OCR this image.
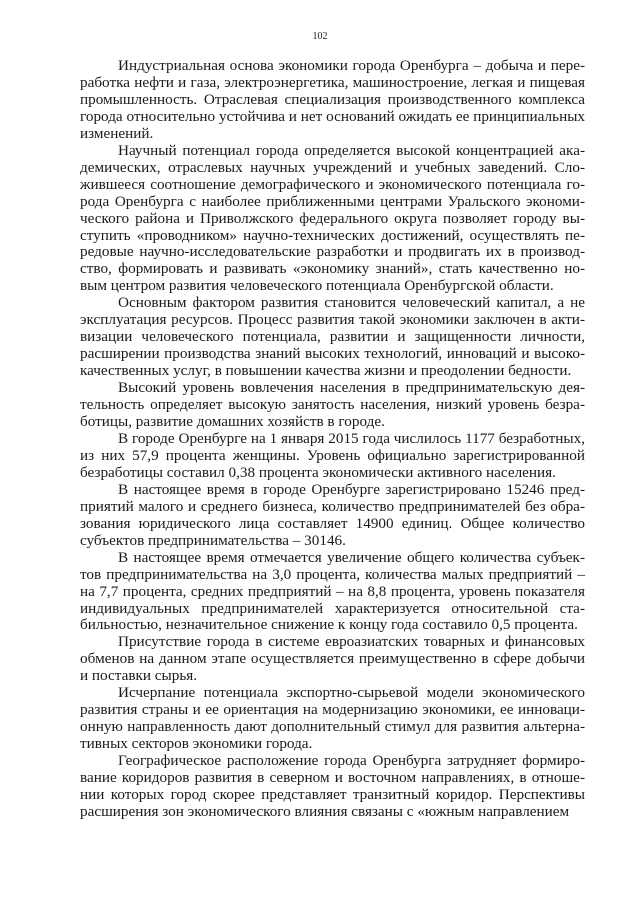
102

Индустриальная основа экономики города Оренбурга – добыча и переработка нефти и газа, электроэнергетика, машиностроение, легкая и пищевая промышленность. Отраслевая специализация производственного комплекса города относительно устойчива и нет оснований ожидать ее принципиальных изменений.

Научный потенциал города определяется высокой концентрацией академических, отраслевых научных учреждений и учебных заведений. Сложившееся соотношение демографического и экономического потенциала города Оренбурга с наиболее приближенными центрами Уральского экономического района и Приволжского федерального округа позволяет городу выступить «проводником» научно-технических достижений, осуществлять передовые научно-исследовательские разработки и продвигать их в производство, формировать и развивать «экономику знаний», стать качественно новым центром развития человеческого потенциала Оренбургской области.

Основным фактором развития становится человеческий капитал, а не эксплуатация ресурсов. Процесс развития такой экономики заключен в активизации человеческого потенциала, развитии и защищенности личности, расширении производства знаний высоких технологий, инноваций и высококачественных услуг, в повышении качества жизни и преодолении бедности.

Высокий уровень вовлечения населения в предпринимательскую деятельность определяет высокую занятость населения, низкий уровень безработицы, развитие домашних хозяйств в городе.

В городе Оренбурге на 1 января 2015 года числилось 1177 безработных, из них 57,9 процента женщины. Уровень официально зарегистрированной безработицы составил 0,38 процента экономически активного населения.

В настоящее время в городе Оренбурге зарегистрировано 15246 предприятий малого и среднего бизнеса, количество предпринимателей без образования юридического лица составляет 14900 единиц. Общее количество субъектов предпринимательства – 30146.

В настоящее время отмечается увеличение общего количества субъектов предпринимательства на 3,0 процента, количества малых предприятий – на 7,7 процента, средних предприятий – на 8,8 процента, уровень показателя индивидуальных предпринимателей характеризуется относительной стабильностью, незначительное снижение к концу года составило 0,5 процента.

Присутствие города в системе евроазиатских товарных и финансовых обменов на данном этапе осуществляется преимущественно в сфере добычи и поставки сырья.

Исчерпание потенциала экспортно-сырьевой модели экономического развития страны и ее ориентация на модернизацию экономики, ее инновационную направленность дают дополнительный стимул для развития альтернативных секторов экономики города.

Географическое расположение города Оренбурга затрудняет формирование коридоров развития в северном и восточном направлениях, в отношении которых город скорее представляет транзитный коридор. Перспективы расширения зон экономического влияния связаны с «южным направлением
